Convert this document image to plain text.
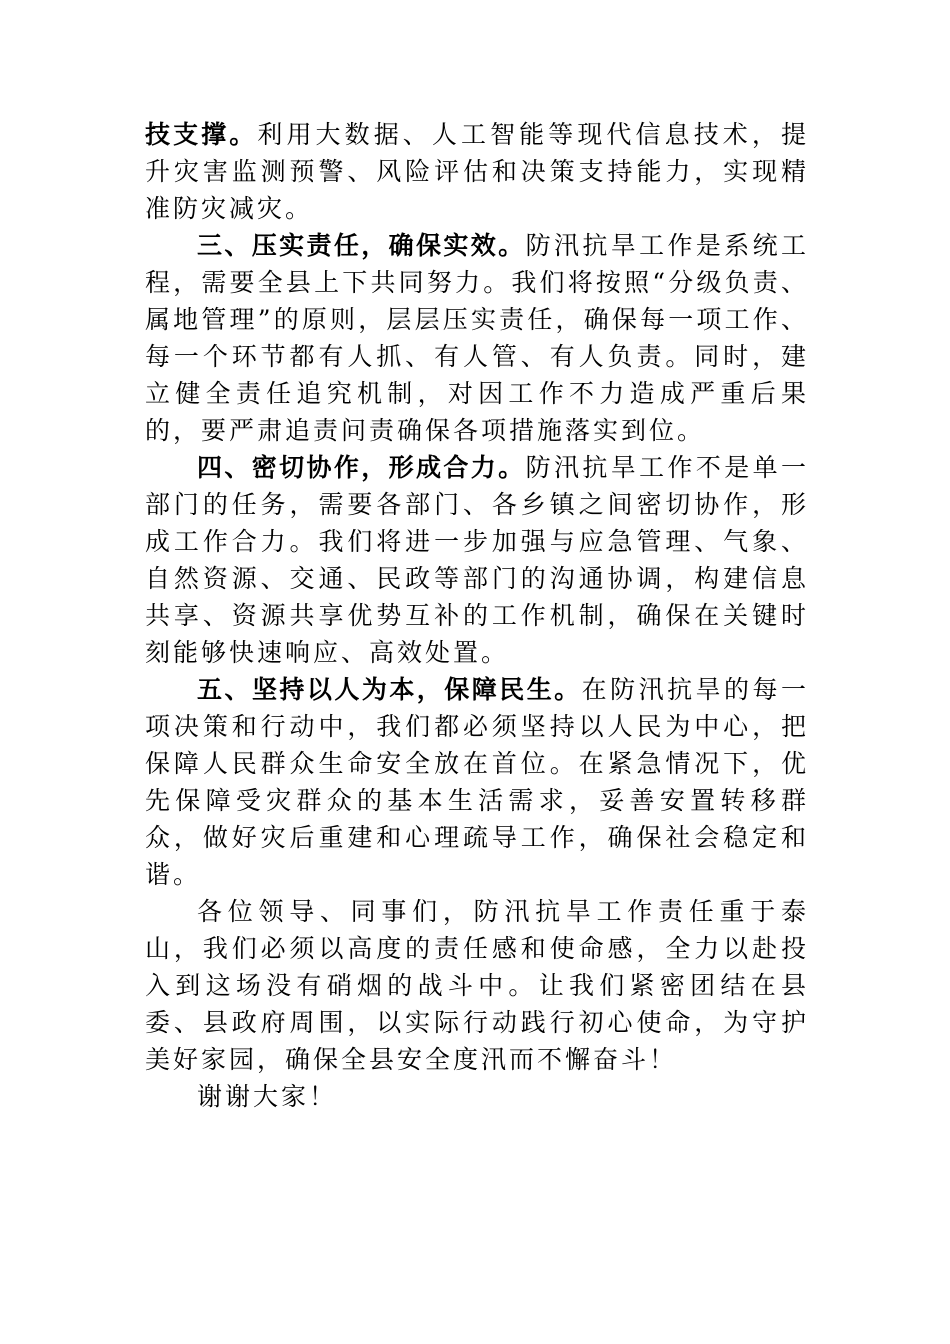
技支撑。利用大数据、人工智能等现代信息技术，提升灾害监测预警、风险评估和决策支持能力，实现精准防灾减灾。

三、压实责任，确保实效。防汛抗旱工作是系统工程，需要全县上下共同努力。我们将按照“分级负责、属地管理”的原则，层层压实责任，确保每一项工作、每一个环节都有人抓、有人管、有人负责。同时，建立健全责任追究机制，对因工作不力造成严重后果的，要严肃追责问责确保各项措施落实到位。

四、密切协作，形成合力。防汛抗旱工作不是单一部门的任务，需要各部门、各乡镇之间密切协作，形成工作合力。我们将进一步加强与应急管理、气象、自然资源、交通、民政等部门的沟通协调，构建信息共享、资源共享优势互补的工作机制，确保在关键时刻能够快速响应、高效处置。

五、坚持以人为本，保障民生。在防汛抗旱的每一项决策和行动中，我们都必须坚持以人民为中心，把保障人民群众生命安全放在首位。在紧急情况下，优先保障受灾群众的基本生活需求，妥善安置转移群众，做好灾后重建和心理疏导工作，确保社会稳定和谐。

各位领导、同事们，防汛抗旱工作责任重于泰山，我们必须以高度的责任感和使命感，全力以赴投入到这场没有硝烟的战斗中。让我们紧密团结在县委、县政府周围，以实际行动践行初心使命，为守护美好家园，确保全县安全度汛而不懈奋斗！

谢谢大家！
